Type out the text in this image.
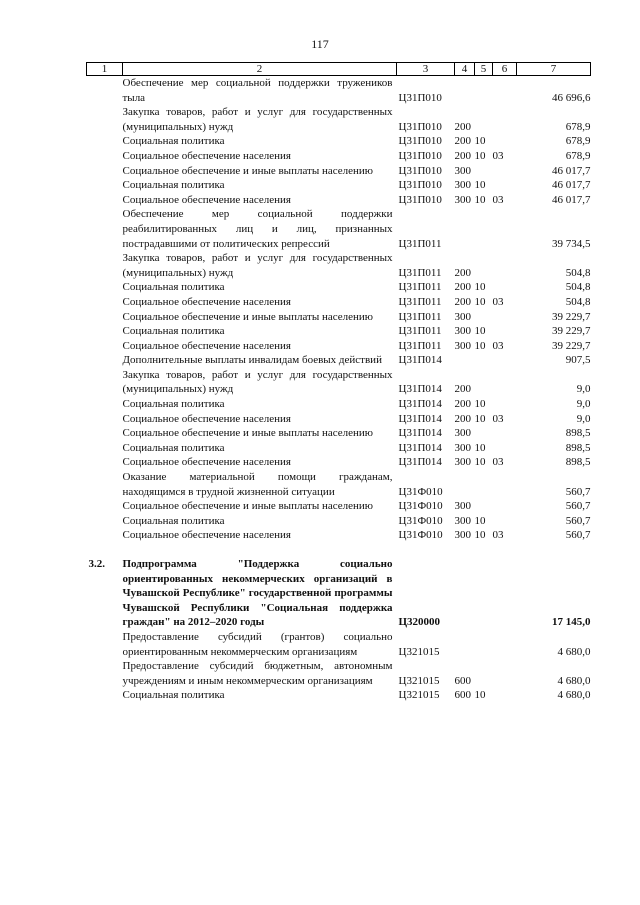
117
1	2	3	4	5	6	7
	Обеспечение мер социальной поддержки тружеников тыла	Ц31П010				46 696,6
	Закупка товаров, работ и услуг для государственных (муниципальных) нужд	Ц31П010	200			678,9
	Социальная политика	Ц31П010	200	10		678,9
	Социальное обеспечение населения	Ц31П010	200	10	03	678,9
	Социальное обеспечение и иные выплаты населению	Ц31П010	300			46 017,7
	Социальная политика	Ц31П010	300	10		46 017,7
	Социальное обеспечение населения	Ц31П010	300	10	03	46 017,7
	Обеспечение мер социальной поддержки реабилитированных лиц и лиц, признанных пострадавшими от политических репрессий	Ц31П011				39 734,5
	Закупка товаров, работ и услуг для государственных (муниципальных) нужд	Ц31П011	200			504,8
	Социальная политика	Ц31П011	200	10		504,8
	Социальное обеспечение населения	Ц31П011	200	10	03	504,8
	Социальное обеспечение и иные выплаты населению	Ц31П011	300			39 229,7
	Социальная политика	Ц31П011	300	10		39 229,7
	Социальное обеспечение населения	Ц31П011	300	10	03	39 229,7
	Дополнительные выплаты инвалидам боевых действий	Ц31П014				907,5
	Закупка товаров, работ и услуг для государственных (муниципальных) нужд	Ц31П014	200			9,0
	Социальная политика	Ц31П014	200	10		9,0
	Социальное обеспечение населения	Ц31П014	200	10	03	9,0
	Социальное обеспечение и иные выплаты населению	Ц31П014	300			898,5
	Социальная политика	Ц31П014	300	10		898,5
	Социальное обеспечение населения	Ц31П014	300	10	03	898,5
	Оказание материальной помощи гражданам, находящимся в трудной жизненной ситуации	Ц31Ф010				560,7
	Социальное обеспечение и иные выплаты населению	Ц31Ф010	300			560,7
	Социальная политика	Ц31Ф010	300	10		560,7
	Социальное обеспечение населения	Ц31Ф010	300	10	03	560,7

3.2.	Подпрограмма "Поддержка социально ориентированных некоммерческих организаций в Чувашской Республике" государственной программы Чувашской Республики "Социальная поддержка граждан" на 2012–2020 годы	Ц320000				17 145,0
	Предоставление субсидий (грантов) социально ориентированным некоммерческим организациям	Ц321015				4 680,0
	Предоставление субсидий бюджетным, автономным учреждениям и иным некоммерческим организациям	Ц321015	600			4 680,0
	Социальная политика	Ц321015	600	10		4 680,0
